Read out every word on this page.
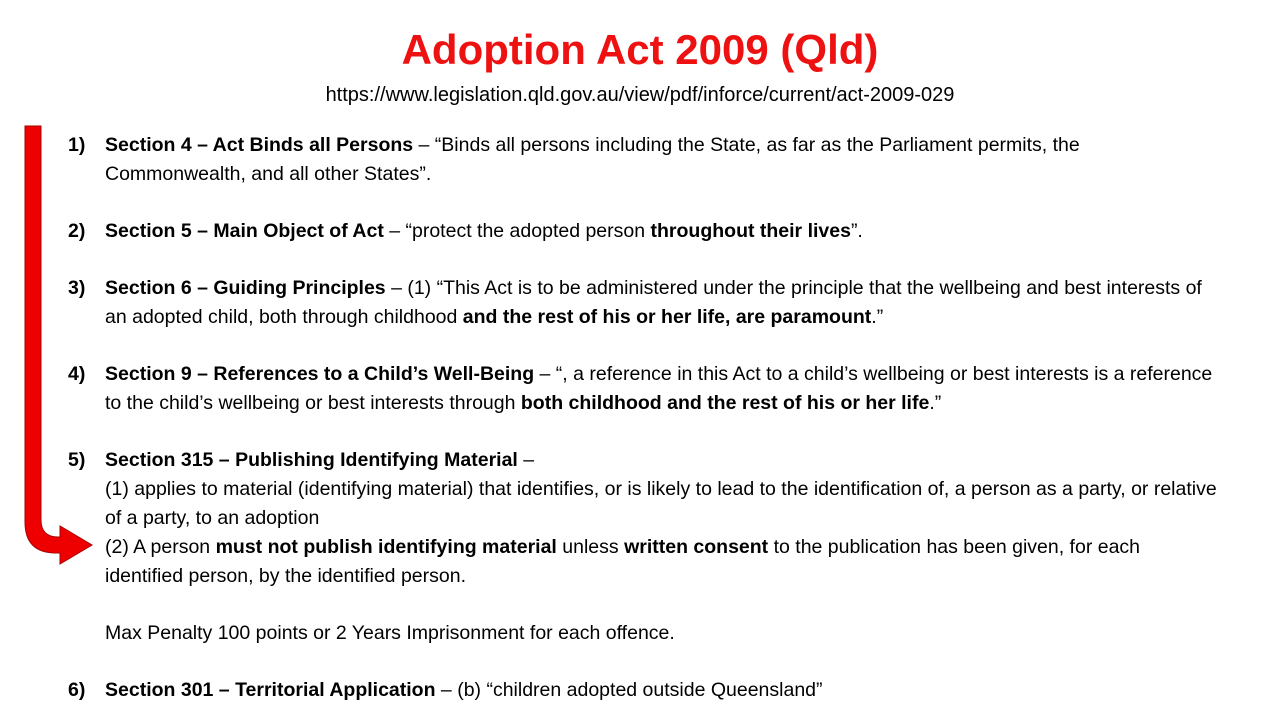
Adoption Act 2009 (Qld)
https://www.legislation.qld.gov.au/view/pdf/inforce/current/act-2009-029
1) Section 4 – Act Binds all Persons – “Binds all persons including the State, as far as the Parliament permits, the Commonwealth, and all other States”.
2) Section 5 – Main Object of Act – “protect the adopted person throughout their lives”.
3) Section 6 – Guiding Principles – (1) “This Act is to be administered under the principle that the wellbeing and best interests of an adopted child, both through childhood and the rest of his or her life, are paramount.”
4) Section 9 – References to a Child’s Well-Being – “, a reference in this Act to a child’s wellbeing or best interests is a reference to the child’s wellbeing or best interests through both childhood and the rest of his or her life.”
5) Section 315 – Publishing Identifying Material –
(1) applies to material (identifying material) that identifies, or is likely to lead to the identification of, a person as a party, or relative of a party, to an adoption
(2) A person must not publish identifying material unless written consent to the publication has been given, for each identified person, by the identified person.
Max Penalty 100 points or 2 Years Imprisonment for each offence.
6) Section 301 – Territorial Application – (b) “children adopted outside Queensland”
